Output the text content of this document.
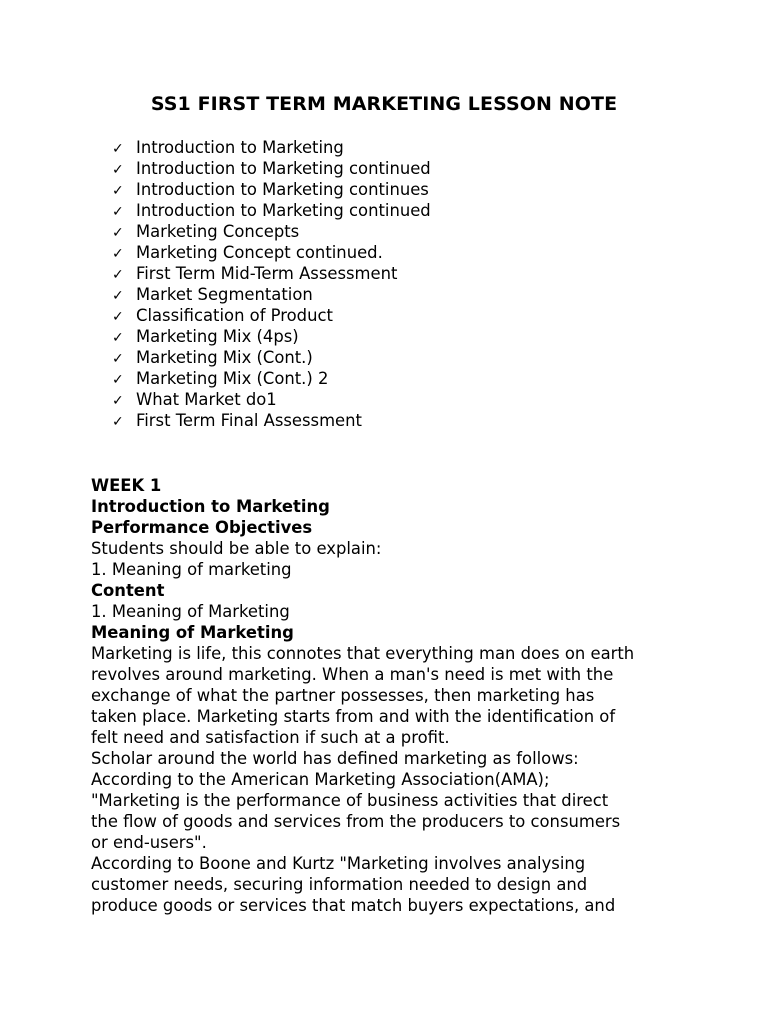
SS1 FIRST TERM MARKETING LESSON NOTE
✓ Introduction to Marketing
✓ Introduction to Marketing continued
✓ Introduction to Marketing continues
✓ Introduction to Marketing continued
✓ Marketing Concepts
✓ Marketing Concept continued.
✓ First Term Mid-Term Assessment
✓ Market Segmentation
✓ Classification of Product
✓ Marketing Mix (4ps)
✓ Marketing Mix (Cont.)
✓ Marketing Mix (Cont.) 2
✓ What Market do1
✓ First Term Final Assessment
WEEK 1
Introduction to Marketing
Performance Objectives
Students should be able to explain:
1. Meaning of marketing
Content
1. Meaning of Marketing
Meaning of Marketing
Marketing is life, this connotes that everything man does on earth
revolves around marketing. When a man's need is met with the
exchange of what the partner possesses, then marketing has
taken place. Marketing starts from and with the identification of
felt need and satisfaction if such at a profit.
Scholar around the world has defined marketing as follows:
According to the American Marketing Association(AMA);
"Marketing is the performance of business activities that direct
the flow of goods and services from the producers to consumers
or end-users".
According to Boone and Kurtz "Marketing involves analysing
customer needs, securing information needed to design and
produce goods or services that match buyers expectations, and
